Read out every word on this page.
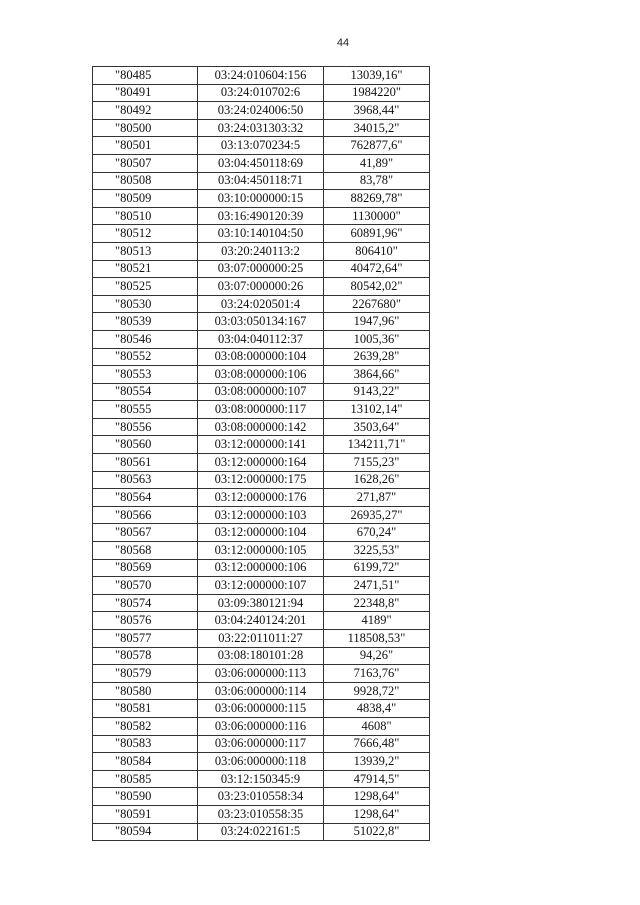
44
"80485	03:24:010604:156	13039,16"
"80491	03:24:010702:6	1984220"
"80492	03:24:024006:50	3968,44"
"80500	03:24:031303:32	34015,2"
"80501	03:13:070234:5	762877,6"
"80507	03:04:450118:69	41,89"
"80508	03:04:450118:71	83,78"
"80509	03:10:000000:15	88269,78"
"80510	03:16:490120:39	1130000"
"80512	03:10:140104:50	60891,96"
"80513	03:20:240113:2	806410"
"80521	03:07:000000:25	40472,64"
"80525	03:07:000000:26	80542,02"
"80530	03:24:020501:4	2267680"
"80539	03:03:050134:167	1947,96"
"80546	03:04:040112:37	1005,36"
"80552	03:08:000000:104	2639,28"
"80553	03:08:000000:106	3864,66"
"80554	03:08:000000:107	9143,22"
"80555	03:08:000000:117	13102,14"
"80556	03:08:000000:142	3503,64"
"80560	03:12:000000:141	134211,71"
"80561	03:12:000000:164	7155,23"
"80563	03:12:000000:175	1628,26"
"80564	03:12:000000:176	271,87"
"80566	03:12:000000:103	26935,27"
"80567	03:12:000000:104	670,24"
"80568	03:12:000000:105	3225,53"
"80569	03:12:000000:106	6199,72"
"80570	03:12:000000:107	2471,51"
"80574	03:09:380121:94	22348,8"
"80576	03:04:240124:201	4189"
"80577	03:22:011011:27	118508,53"
"80578	03:08:180101:28	94,26"
"80579	03:06:000000:113	7163,76"
"80580	03:06:000000:114	9928,72"
"80581	03:06:000000:115	4838,4"
"80582	03:06:000000:116	4608"
"80583	03:06:000000:117	7666,48"
"80584	03:06:000000:118	13939,2"
"80585	03:12:150345:9	47914,5"
"80590	03:23:010558:34	1298,64"
"80591	03:23:010558:35	1298,64"
"80594	03:24:022161:5	51022,8"
